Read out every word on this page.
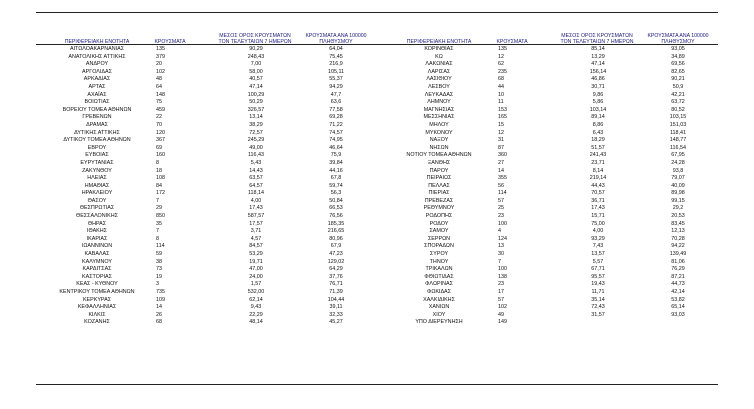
ΠΕΡΙΦΕΡΕΙΑΚΗ ΕΝΟΤΗΤΑ	ΚΡΟΥΣΜΑΤΑ
ΜΕΣΟΣ ΟΡΟΣ ΚΡΟΥΣΜΑΤΩΝ
ΤΟΝ ΤΕΛΕΥΤΑΙΩΝ 7 ΗΜΕΡΩΝ
ΚΡΟΥΣΜΑΤΑ ΑΝΑ 100000
ΠΛΗΘΥΣΜΟΥ
ΑΙΤΩΛΟΑΚΑΡΝΑΝΙΑΣ	135	90,29	64,04
ΑΝΑΤΟΛΙΚΗΣ ΑΤΤΙΚΗΣ	379	248,43	75,45
ΑΝΔΡΟΥ	20	7,00	216,9
ΑΡΓΟΛΙΔΑΣ	102	58,00	105,11
ΑΡΚΑΔΙΑΣ	48	40,57	55,37
ΑΡΤΑΣ	64	47,14	94,29
ΑΧΑΪΑΣ	148	100,29	47,7
ΒΟΙΩΤΙΑΣ	75	50,29	63,6
ΒΟΡΕΙΟΥ ΤΟΜΕΑ ΑΘΗΝΩΝ	459	326,57	77,58
ΓΡΕΒΕΝΩΝ	22	13,14	69,28
ΔΡΑΜΑΣ	70	38,29	71,22
ΔΥΤΙΚΗΣ ΑΤΤΙΚΗΣ	120	72,57	74,57
ΔΥΤΙΚΟΥ ΤΟΜΕΑ ΑΘΗΝΩΝ	367	245,29	74,95
ΕΒΡΟΥ	69	49,00	46,64
ΕΥΒΟΙΑΣ	160	116,43	75,9
ΕΥΡΥΤΑΝΙΑΣ	8	5,43	39,84
ΖΑΚΥΝΘΟΥ	18	14,43	44,16
ΗΛΕΙΑΣ	108	63,57	67,8
ΗΜΑΘΙΑΣ	84	64,57	59,74
ΗΡΑΚΛΕΙΟΥ	172	118,14	56,3
ΘΑΣΟΥ	7	4,00	50,84
ΘΕΣΠΡΩΤΙΑΣ	29	17,43	66,53
ΘΕΣΣΑΛΟΝΙΚΗΣ	850	587,57	76,56
ΘΗΡΑΣ	35	17,57	185,35
ΙΘΑΚΗΣ	7	3,71	216,65
ΙΚΑΡΙΑΣ	8	4,57	80,96
ΙΩΑΝΝΙΝΩΝ	114	84,57	67,9
ΚΑΒΑΛΑΣ	59	53,29	47,23
ΚΑΛΥΜΝΟΥ	38	19,71	129,02
ΚΑΡΔΙΤΣΑΣ	73	47,00	64,29
ΚΑΣΤΟΡΙΑΣ	19	24,00	37,76
ΚΕΑΣ - ΚΥΘΝΟΥ	3	1,57	76,71
ΚΕΝΤΡΙΚΟΥ ΤΟΜΕΑ ΑΘΗΝΩΝ	735	532,00	71,39
ΚΕΡΚΥΡΑΣ	109	62,14	104,44
ΚΕΦΑΛΛΗΝΙΑΣ	14	9,43	39,11
ΚΙΛΚΙΣ	26	22,29	32,33
ΚΟΖΑΝΗΣ	68	48,14	45,27
ΠΕΡΙΦΕΡΕΙΑΚΗ ΕΝΟΤΗΤΑ	ΚΡΟΥΣΜΑΤΑ
ΜΕΣΟΣ ΟΡΟΣ ΚΡΟΥΣΜΑΤΩΝ
ΤΟΝ ΤΕΛΕΥΤΑΙΩΝ 7 ΗΜΕΡΩΝ
ΚΡΟΥΣΜΑΤΑ ΑΝΑ 100000
ΠΛΗΘΥΣΜΟΥ
ΚΟΡΙΝΘΙΑΣ	135	85,14	93,05
ΚΩ	12	13,29	34,89
ΛΑΚΩΝΙΑΣ	62	47,14	69,56
ΛΑΡΙΣΑΣ	235	156,14	82,65
ΛΑΣΙΘΙΟΥ	68	46,86	90,21
ΛΕΣΒΟΥ	44	30,71	50,9
ΛΕΥΚΑΔΑΣ	10	9,86	42,21
ΛΗΜΝΟΥ	11	5,86	63,72
ΜΑΓΝΗΣΙΑΣ	153	103,14	80,52
ΜΕΣΣΗΝΙΑΣ	165	89,14	103,15
ΜΗΛΟΥ	15	8,86	151,03
ΜΥΚΟΝΟΥ	12	6,43	118,41
ΝΑΞΟΥ	31	18,29	148,77
ΝΗΣΩΝ	87	51,57	116,54
ΝΟΤΙΟΥ ΤΟΜΕΑ ΑΘΗΝΩΝ	360	241,43	67,95
ΞΑΝΘΗΣ	27	23,71	24,28
ΠΑΡΟΥ	14	8,14	93,8
ΠΕΙΡΑΙΩΣ	355	219,14	79,07
ΠΕΛΛΑΣ	56	44,43	40,09
ΠΙΕΡΙΑΣ	114	70,57	89,98
ΠΡΕΒΕΖΑΣ	57	36,71	99,15
ΡΕΘΥΜΝΟΥ	25	17,43	29,2
ΡΟΔΟΠΗΣ	23	15,71	20,53
ΡΟΔΟΥ	100	75,00	83,45
ΣΑΜΟΥ	4	4,00	12,13
ΣΕΡΡΩΝ	124	93,29	70,28
ΣΠΟΡΑΔΩΝ	13	7,43	94,22
ΣΥΡΟΥ	30	13,57	139,49
ΤΗΝΟΥ	7	5,57	81,06
ΤΡΙΚΑΛΩΝ	100	67,71	76,29
ΦΘΙΩΤΙΔΑΣ	138	95,57	87,21
ΦΛΩΡΙΝΑΣ	23	19,43	44,73
ΦΩΚΙΔΑΣ	17	11,71	42,14
ΧΑΛΚΙΔΙΚΗΣ	57	35,14	53,82
ΧΑΝΙΩΝ	102	72,43	65,14
ΧΙΟΥ	49	31,57	93,03
ΥΠΟ ΔΙΕΡΕΥΝΗΣΗ	149
